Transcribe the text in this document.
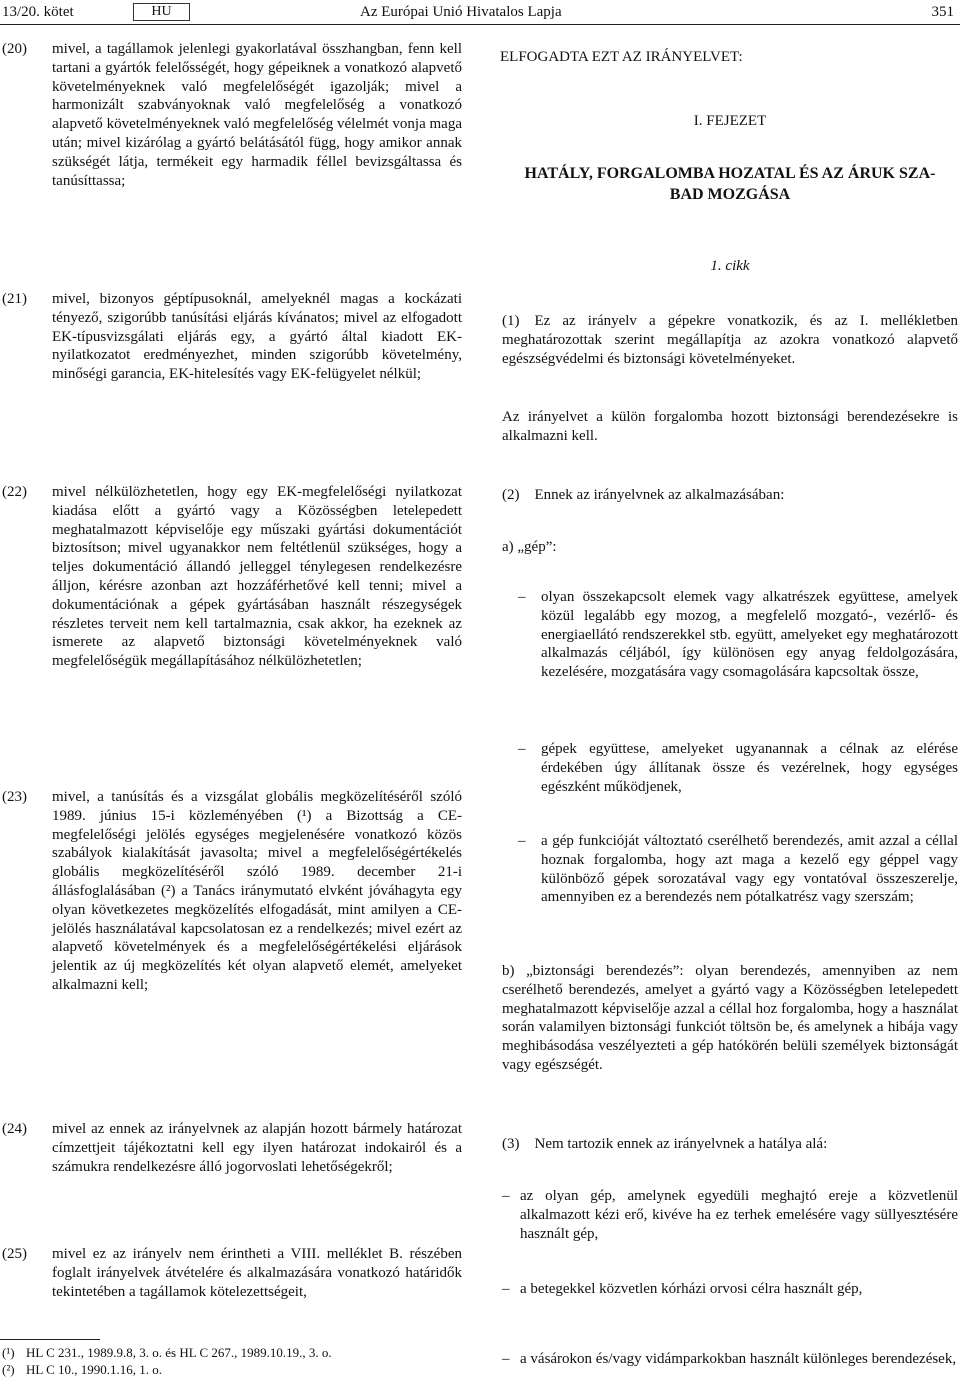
13/20. kötet	HU	Az Európai Unió Hivatalos Lapja	351
(20) mivel, a tagállamok jelenlegi gyakorlatával összhangban, fenn kell tartani a gyártók felelősségét, hogy gépeiknek a vonatkozó alapvető követelményeknek való megfelelőségét igazolják; mivel a harmonizált szabványoknak való megfelelőség a vonatkozó alapvető követelményeknek való megfelelőség vélelmét vonja maga után; mivel kizárólag a gyártó belátásától függ, hogy amikor annak szükségét látja, termékeit egy harmadik féllel bevizsgáltassa és tanúsíttassa;
(21) mivel, bizonyos géptípusoknál, amelyeknél magas a kockázati tényező, szigorúbb tanúsítási eljárás kívánatos; mivel az elfogadott EK-típusvizsgálati eljárás egy, a gyártó által kiadott EK-nyilatkozatot eredményezhet, minden szigorúbb követelmény, minőségi garancia, EK-hitelesítés vagy EK-felügyelet nélkül;
(22) mivel nélkülözhetetlen, hogy egy EK-megfelelőségi nyilatkozat kiadása előtt a gyártó vagy a Közösségben letelepedett meghatalmazott képviselője egy műszaki gyártási dokumentációt biztosítson; mivel ugyanakkor nem feltétlenül szükséges, hogy a teljes dokumentáció állandó jelleggel ténylegesen rendelkezésre álljon, kérésre azonban azt hozzáférhetővé kell tenni; mivel a dokumentációnak a gépek gyártásában használt részegységek részletes terveit nem kell tartalmaznia, csak akkor, ha ezeknek az ismerete az alapvető biztonsági követelményeknek való megfelelőségük megállapításához nélkülözhetetlen;
(23) mivel, a tanúsítás és a vizsgálat globális megközelítéséről szóló 1989. június 15-i közleményében (¹) a Bizottság a CE-megfelelőségi jelölés egységes megjelenésére vonatkozó közös szabályok kialakítását javasolta; mivel a megfelelőségértékelés globális megközelítéséről szóló 1989. december 21-i állásfoglalásában (²) a Tanács iránymutató elvként jóváhagyta egy olyan következetes megközelítés elfogadását, mint amilyen a CE-jelölés használatával kapcsolatosan ez a rendelkezés; mivel ezért az alapvető követelmények és a megfelelőségértékelési eljárások jelentik az új megközelítés két olyan alapvető elemét, amelyeket alkalmazni kell;
(24) mivel az ennek az irányelvnek az alapján hozott bármely határozat címzettjeit tájékoztatni kell egy ilyen határozat indokairól és a számukra rendelkezésre álló jogorvoslati lehetőségekről;
(25) mivel ez az irányelv nem érintheti a VIII. melléklet B. részében foglalt irányelvek átvételére és alkalmazására vonatkozó határidők tekintetében a tagállamok kötelezettségeit,
ELFOGADTA EZT AZ IRÁNYELVET:
I. FEJEZET
HATÁLY, FORGALOMBA HOZATAL ÉS AZ ÁRUK SZABAD MOZGÁSA
1. cikk
(1) Ez az irányelv a gépekre vonatkozik, és az I. mellékletben meghatározottak szerint megállapítja az azokra vonatkozó alapvető egészségvédelmi és biztonsági követelményeket.
Az irányelvet a külön forgalomba hozott biztonsági berendezésekre is alkalmazni kell.
(2) Ennek az irányelvnek az alkalmazásában:
a) „gép”:
– olyan összekapcsolt elemek vagy alkatrészek együttese, amelyek közül legalább egy mozog, a megfelelő mozgató-, vezérlő- és energiaellátó rendszerekkel stb. együtt, amelyeket egy meghatározott alkalmazás céljából, így különösen egy anyag feldolgozására, kezelésére, mozgatására vagy csomagolására kapcsoltak össze,
– gépek együttese, amelyeket ugyanannak a célnak az elérése érdekében úgy állítanak össze és vezérelnek, hogy egységes egészként működjenek,
– a gép funkcióját változtató cserélhető berendezés, amit azzal a céllal hoznak forgalomba, hogy azt maga a kezelő egy géppel vagy különböző gépek sorozatával vagy egy vontatóval összeszerelje, amennyiben ez a berendezés nem pótalkatrész vagy szerszám;
b) „biztonsági berendezés”: olyan berendezés, amennyiben az nem cserélhető berendezés, amelyet a gyártó vagy a Közösségben letelepedett meghatalmazott képviselője azzal a céllal hoz forgalomba, hogy a használat során valamilyen biztonsági funkciót töltsön be, és amelynek a hibája vagy meghibásodása veszélyezteti a gép hatókörén belüli személyek biztonságát vagy egészségét.
(3) Nem tartozik ennek az irányelvnek a hatálya alá:
– az olyan gép, amelynek egyedüli meghajtó ereje a közvetlenül alkalmazott kézi erő, kivéve ha ez terhek emelésére vagy süllyesztésére használt gép,
– a betegekkel közvetlen kórházi orvosi célra használt gép,
– a vásárokon és/vagy vidámparkokban használt különleges berendezések,
(¹) HL C 231., 1989.9.8, 3. o. és HL C 267., 1989.10.19., 3. o.
(²) HL C 10., 1990.1.16, 1. o.
